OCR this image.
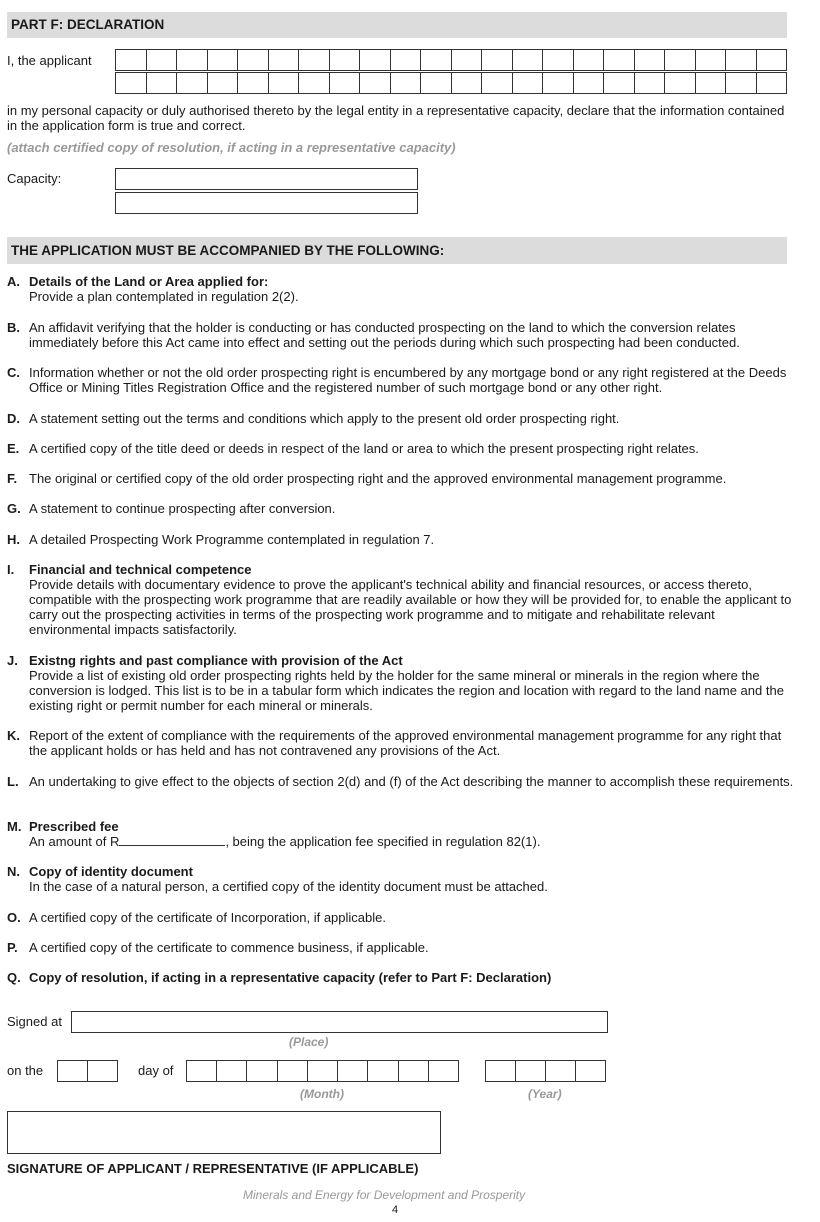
PART F: DECLARATION
I, the applicant
in my personal capacity or duly authorised thereto by the legal entity in a representative capacity, declare that the information contained in the application form is true and correct.
(attach certified copy of resolution, if acting in a representative capacity)
Capacity:
THE APPLICATION MUST BE ACCOMPANIED BY THE FOLLOWING:
A. Details of the Land or Area applied for:
Provide a plan contemplated in regulation 2(2).
B. An affidavit verifying that the holder is conducting or has conducted prospecting on the land to which the conversion relates immediately before this Act came into effect and setting out the periods during which such prospecting had been conducted.
C. Information whether or not the old order prospecting right is encumbered by any mortgage bond or any right registered at the Deeds Office or Mining Titles Registration Office and the registered number of such mortgage bond or any other right.
D. A statement setting out the terms and conditions which apply to the present old order prospecting right.
E. A certified copy of the title deed or deeds in respect of the land or area to which the present prospecting right relates.
F. The original or certified copy of the old order prospecting right and the approved environmental management programme.
G. A statement to continue prospecting after conversion.
H. A detailed Prospecting Work Programme contemplated in regulation 7.
I. Financial and technical competence
Provide details with documentary evidence to prove the applicant's technical ability and financial resources, or access thereto, compatible with the prospecting work programme that are readily available or how they will be provided for, to enable the applicant to carry out the prospecting activities in terms of the prospecting work programme and to mitigate and rehabilitate relevant environmental impacts satisfactorily.
J. Existng rights and past compliance with provision of the Act
Provide a list of existing old order prospecting rights held by the holder for the same mineral or minerals in the region where the conversion is lodged. This list is to be in a tabular form which indicates the region and location with regard to the land name and the existing right or permit number for each mineral or minerals.
K. Report of the extent of compliance with the requirements of the approved environmental management programme for any right that the applicant holds or has held and has not contravened any provisions of the Act.
L. An undertaking to give effect to the objects of section 2(d) and (f) of the Act describing the manner to accomplish these requirements.
M. Prescribed fee
An amount of R	, being the application fee specified in regulation 82(1).
N. Copy of identity document
In the case of a natural person, a certified copy of the identity document must be attached.
O. A certified copy of the certificate of Incorporation, if applicable.
P. A certified copy of the certificate to commence business, if applicable.
Q. Copy of resolution, if acting in a representative capacity (refer to Part F: Declaration)
Signed at
(Place)
on the	day of
(Month)	(Year)
SIGNATURE OF APPLICANT / REPRESENTATIVE (IF APPLICABLE)
Minerals and Energy for Development and Prosperity
4
